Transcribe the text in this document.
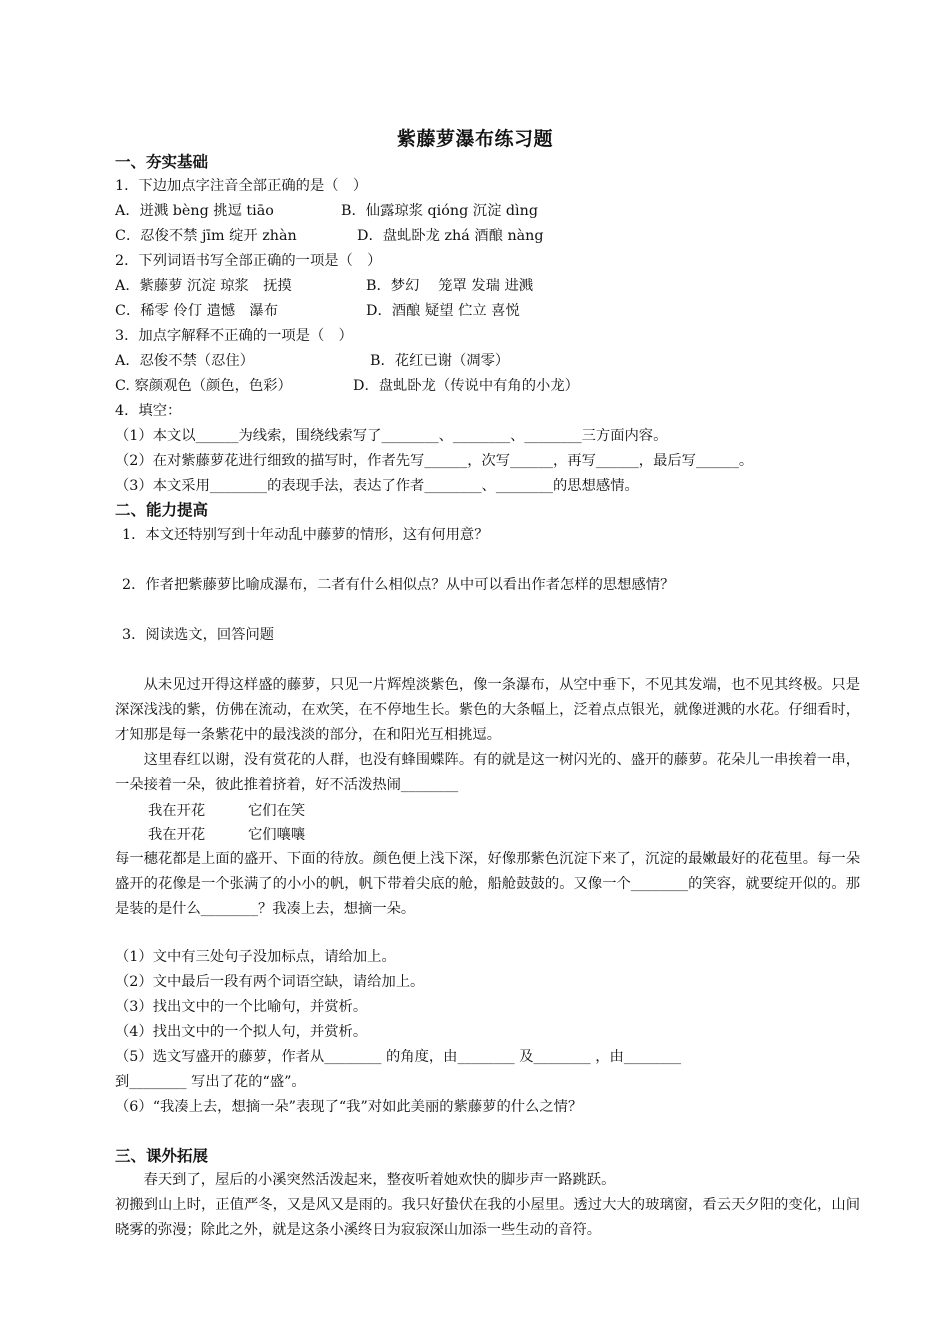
紫藤萝瀑布练习题
一、夯实基础
1．下边加点字注音全部正确的是（　）
A．迸溅 bèng 挑逗 tiāo	B．仙露琼浆 qióng 沉淀 dìng
C．忍俊不禁 jīm 绽开 zhàn	D．盘虬卧龙 zhá 酒酿 nàng
2．下列词语书写全部正确的一项是（　）
A．紫藤萝 沉淀 琼浆　抚摸	B．梦幻　 笼罩 发瑞 进溅
C．稀零 伶仃 遣憾　瀑布	D．酒酿 疑望 伫立 喜悦
3．加点字解释不正确的一项是（　）
A．忍俊不禁（忍住）	B．花红已谢（凋零）
C. 察颜观色（颜色，色彩）	D．盘虬卧龙（传说中有角的小龙）
4．填空：
（1）本文以______为线索，围绕线索写了________、________、________三方面内容。
（2）在对紫藤萝花进行细致的描写时，作者先写______，次写______，再写______，最后写______。
（3）本文采用________的表现手法，表达了作者________、________的思想感情。
二、能力提高
1．本文还特别写到十年动乱中藤萝的情形，这有何用意？
2．作者把紫藤萝比喻成瀑布，二者有什么相似点？从中可以看出作者怎样的思想感情？
3．阅读选文，回答问题
从未见过开得这样盛的藤萝，只见一片辉煌淡紫色，像一条瀑布，从空中垂下，不见其发端，也不见其终极。只是深深浅浅的紫，仿佛在流动，在欢笑，在不停地生长。紫色的大条幅上，泛着点点银光，就像迸溅的水花。仔细看时，才知那是每一条紫花中的最浅淡的部分，在和阳光互相挑逗。
这里春红以谢，没有赏花的人群，也没有蜂围蝶阵。有的就是这一树闪光的、盛开的藤萝。花朵儿一串挨着一串，一朵接着一朵，彼此推着挤着，好不活泼热闹________
我在开花	它们在笑
我在开花	它们嚷嚷
每一穗花都是上面的盛开、下面的待放。颜色便上浅下深，好像那紫色沉淀下来了，沉淀的最嫩最好的花苞里。每一朵盛开的花像是一个张满了的小小的帆，帆下带着尖底的舱，船舱鼓鼓的。又像一个________的笑容，就要绽开似的。那是装的是什么________？我凑上去，想摘一朵。
（1）文中有三处句子没加标点，请给加上。
（2）文中最后一段有两个词语空缺，请给加上。
（3）找出文中的一个比喻句，并赏析。
（4）找出文中的一个拟人句，并赏析。
（5）选文写盛开的藤萝，作者从________ 的角度，由________ 及________ ，由________
到________ 写出了花的“盛”。
（6）“我凑上去，想摘一朵”表现了“我”对如此美丽的紫藤萝的什么之情？
三、课外拓展
春天到了，屋后的小溪突然活泼起来，整夜听着她欢快的脚步声一路跳跃。
初搬到山上时，正值严冬，又是风又是雨的。我只好蛰伏在我的小屋里。透过大大的玻璃窗，看云天夕阳的变化，山间晓雾的弥漫；除此之外，就是这条小溪终日为寂寂深山加添一些生动的音符。
